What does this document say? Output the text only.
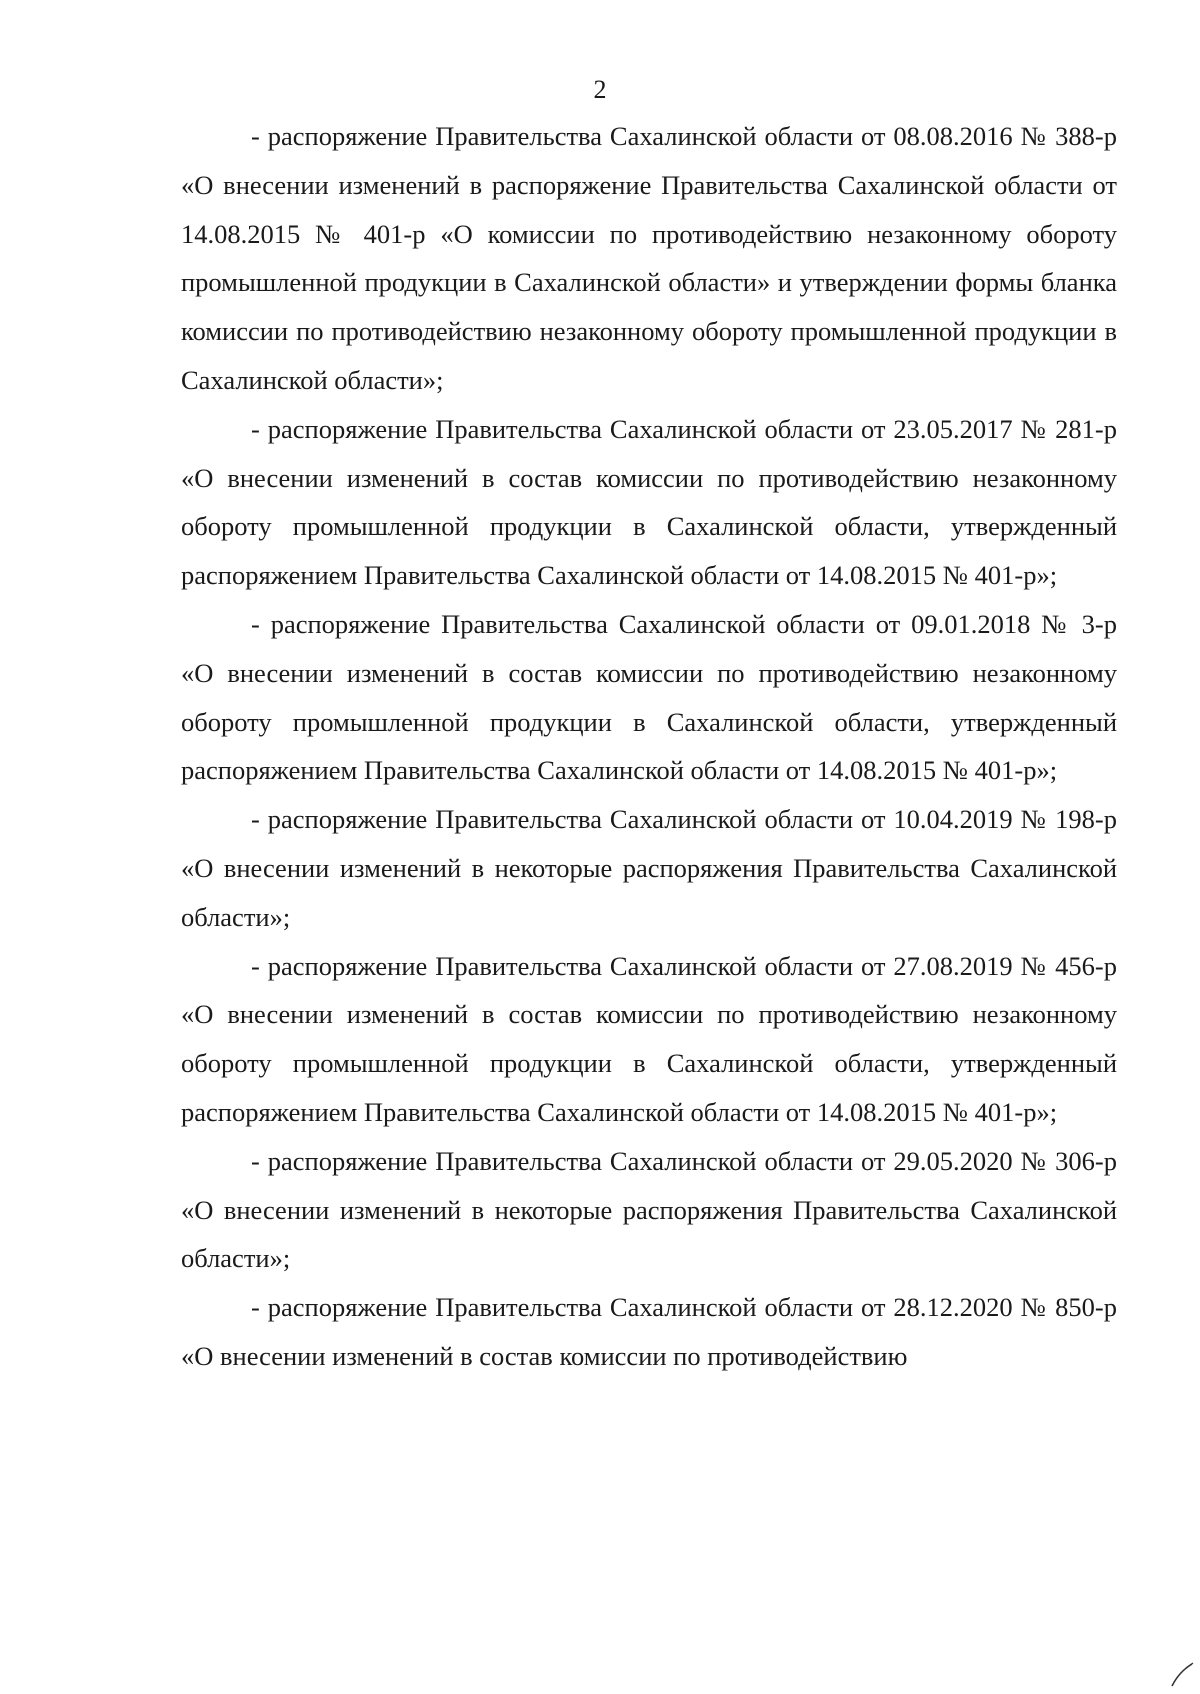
2

- распоряжение Правительства Сахалинской области от 08.08.2016 № 388-р «О внесении изменений в распоряжение Правительства Сахалинской области от 14.08.2015 № 401-р «О комиссии по противодействию незаконному обороту промышленной продукции в Сахалинской области» и утверждении формы бланка комиссии по противодействию незаконному обороту промышленной продукции в Сахалинской области»;

- распоряжение Правительства Сахалинской области от 23.05.2017 № 281-р «О внесении изменений в состав комиссии по противодействию незаконному обороту промышленной продукции в Сахалинской области, утвержденный распоряжением Правительства Сахалинской области от 14.08.2015 № 401-р»;

- распоряжение Правительства Сахалинской области от 09.01.2018 № 3-р «О внесении изменений в состав комиссии по противодействию незаконному обороту промышленной продукции в Сахалинской области, утвержденный распоряжением Правительства Сахалинской области от 14.08.2015 № 401-р»;

- распоряжение Правительства Сахалинской области от 10.04.2019 № 198-р «О внесении изменений в некоторые распоряжения Правительства Сахалинской области»;

- распоряжение Правительства Сахалинской области от 27.08.2019 № 456-р «О внесении изменений в состав комиссии по противодействию незаконному обороту промышленной продукции в Сахалинской области, утвержденный распоряжением Правительства Сахалинской области от 14.08.2015 № 401-р»;

- распоряжение Правительства Сахалинской области от 29.05.2020 № 306-р «О внесении изменений в некоторые распоряжения Правительства Сахалинской области»;

- распоряжение Правительства Сахалинской области от 28.12.2020 № 850-р «О внесении изменений в состав комиссии по противодействию
